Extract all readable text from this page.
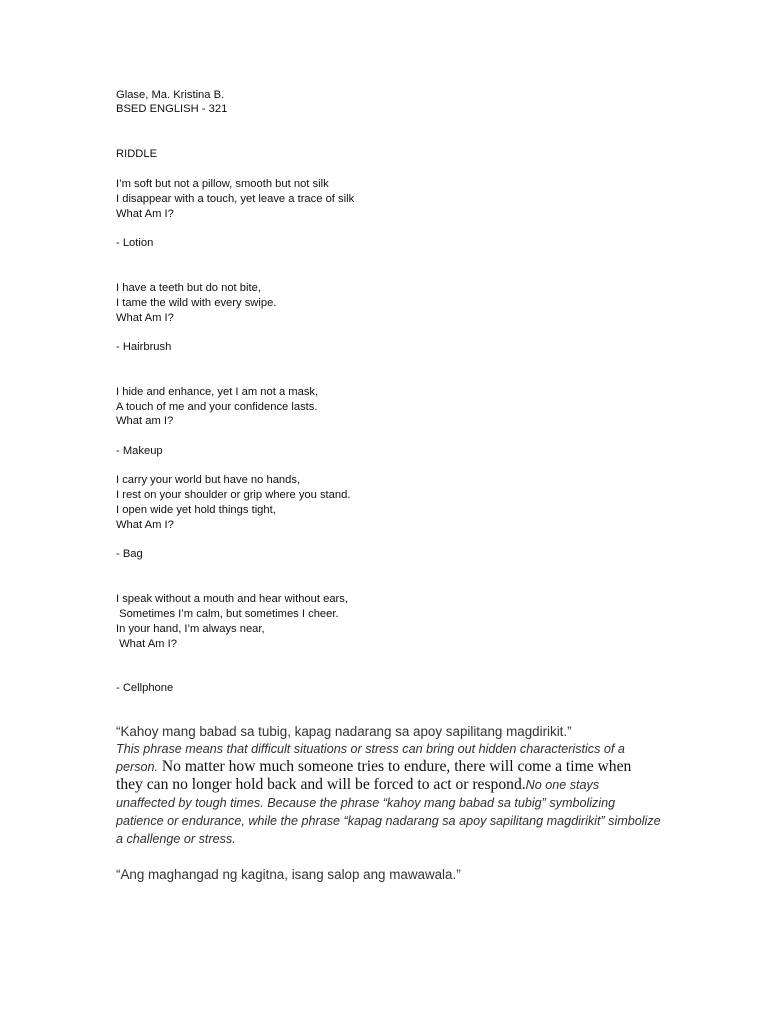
Glase, Ma. Kristina B.
BSED ENGLISH - 321
RIDDLE
I’m soft but not a pillow, smooth but not silk
I disappear with a touch, yet leave a trace of silk
What Am I?
- Lotion
I have a teeth but do not bite,
I tame the wild with every swipe.
What Am I?
- Hairbrush
I hide and enhance, yet I am not a mask,
A touch of me and your confidence lasts.
What am I?
- Makeup
I carry your world but have no hands,
I rest on your shoulder or grip where you stand.
I open wide yet hold things tight,
What Am I?
- Bag
I speak without a mouth and hear without ears,
Sometimes I’m calm, but sometimes I cheer.
In your hand, I’m always near,
What Am I?
- Cellphone
“Kahoy mang babad sa tubig, kapag nadarang sa apoy sapilitang magdirikit.”
This phrase means that difficult situations or stress can bring out hidden characteristics of a person. No matter how much someone tries to endure, there will come a time when they can no longer hold back and will be forced to act or respond.No one stays unaffected by tough times. Because the phrase “kahoy mang babad sa tubig” symbolizing patience or endurance, while the phrase “kapag nadarang sa apoy sapilitang magdirikit” simbolize a challenge or stress.
“Ang maghangad ng kagitna, isang salop ang mawawala.”
